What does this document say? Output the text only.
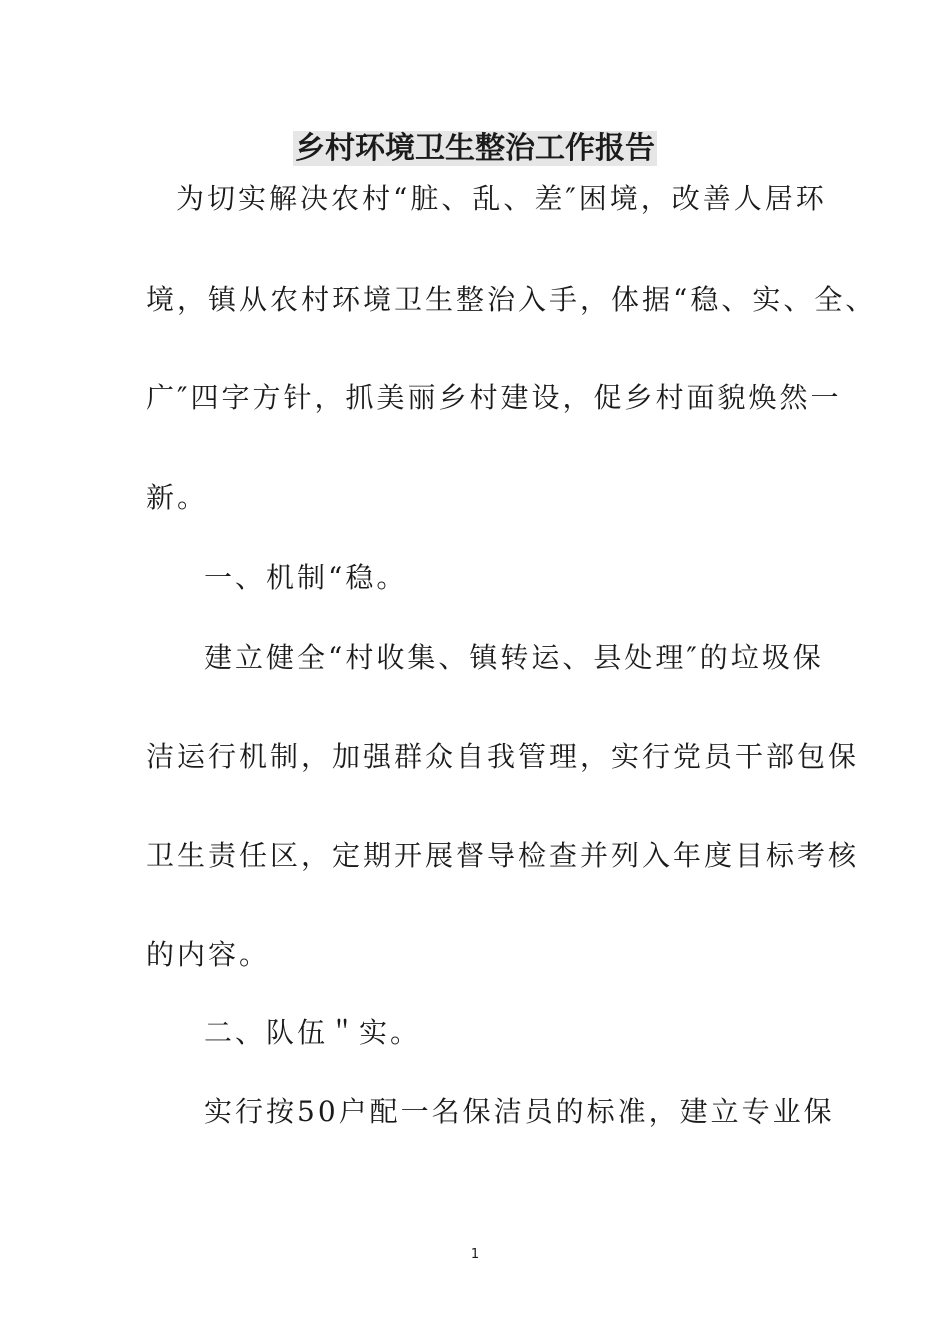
乡村环境卫生整治工作报告
为切实解决农村“脏、乱、差″困境，改善人居环
境，镇从农村环境卫生整治入手，体据“稳、实、全、
广″四字方针，抓美丽乡村建设，促乡村面貌焕然一
新。
一、机制“稳。
建立健全“村收集、镇转运、县处理″的垃圾保
洁运行机制，加强群众自我管理，实行党员干部包保
卫生责任区，定期开展督导检查并列入年度目标考核
的内容。
二、队伍＂实。
实行按50户配一名保洁员的标准，建立专业保
1
